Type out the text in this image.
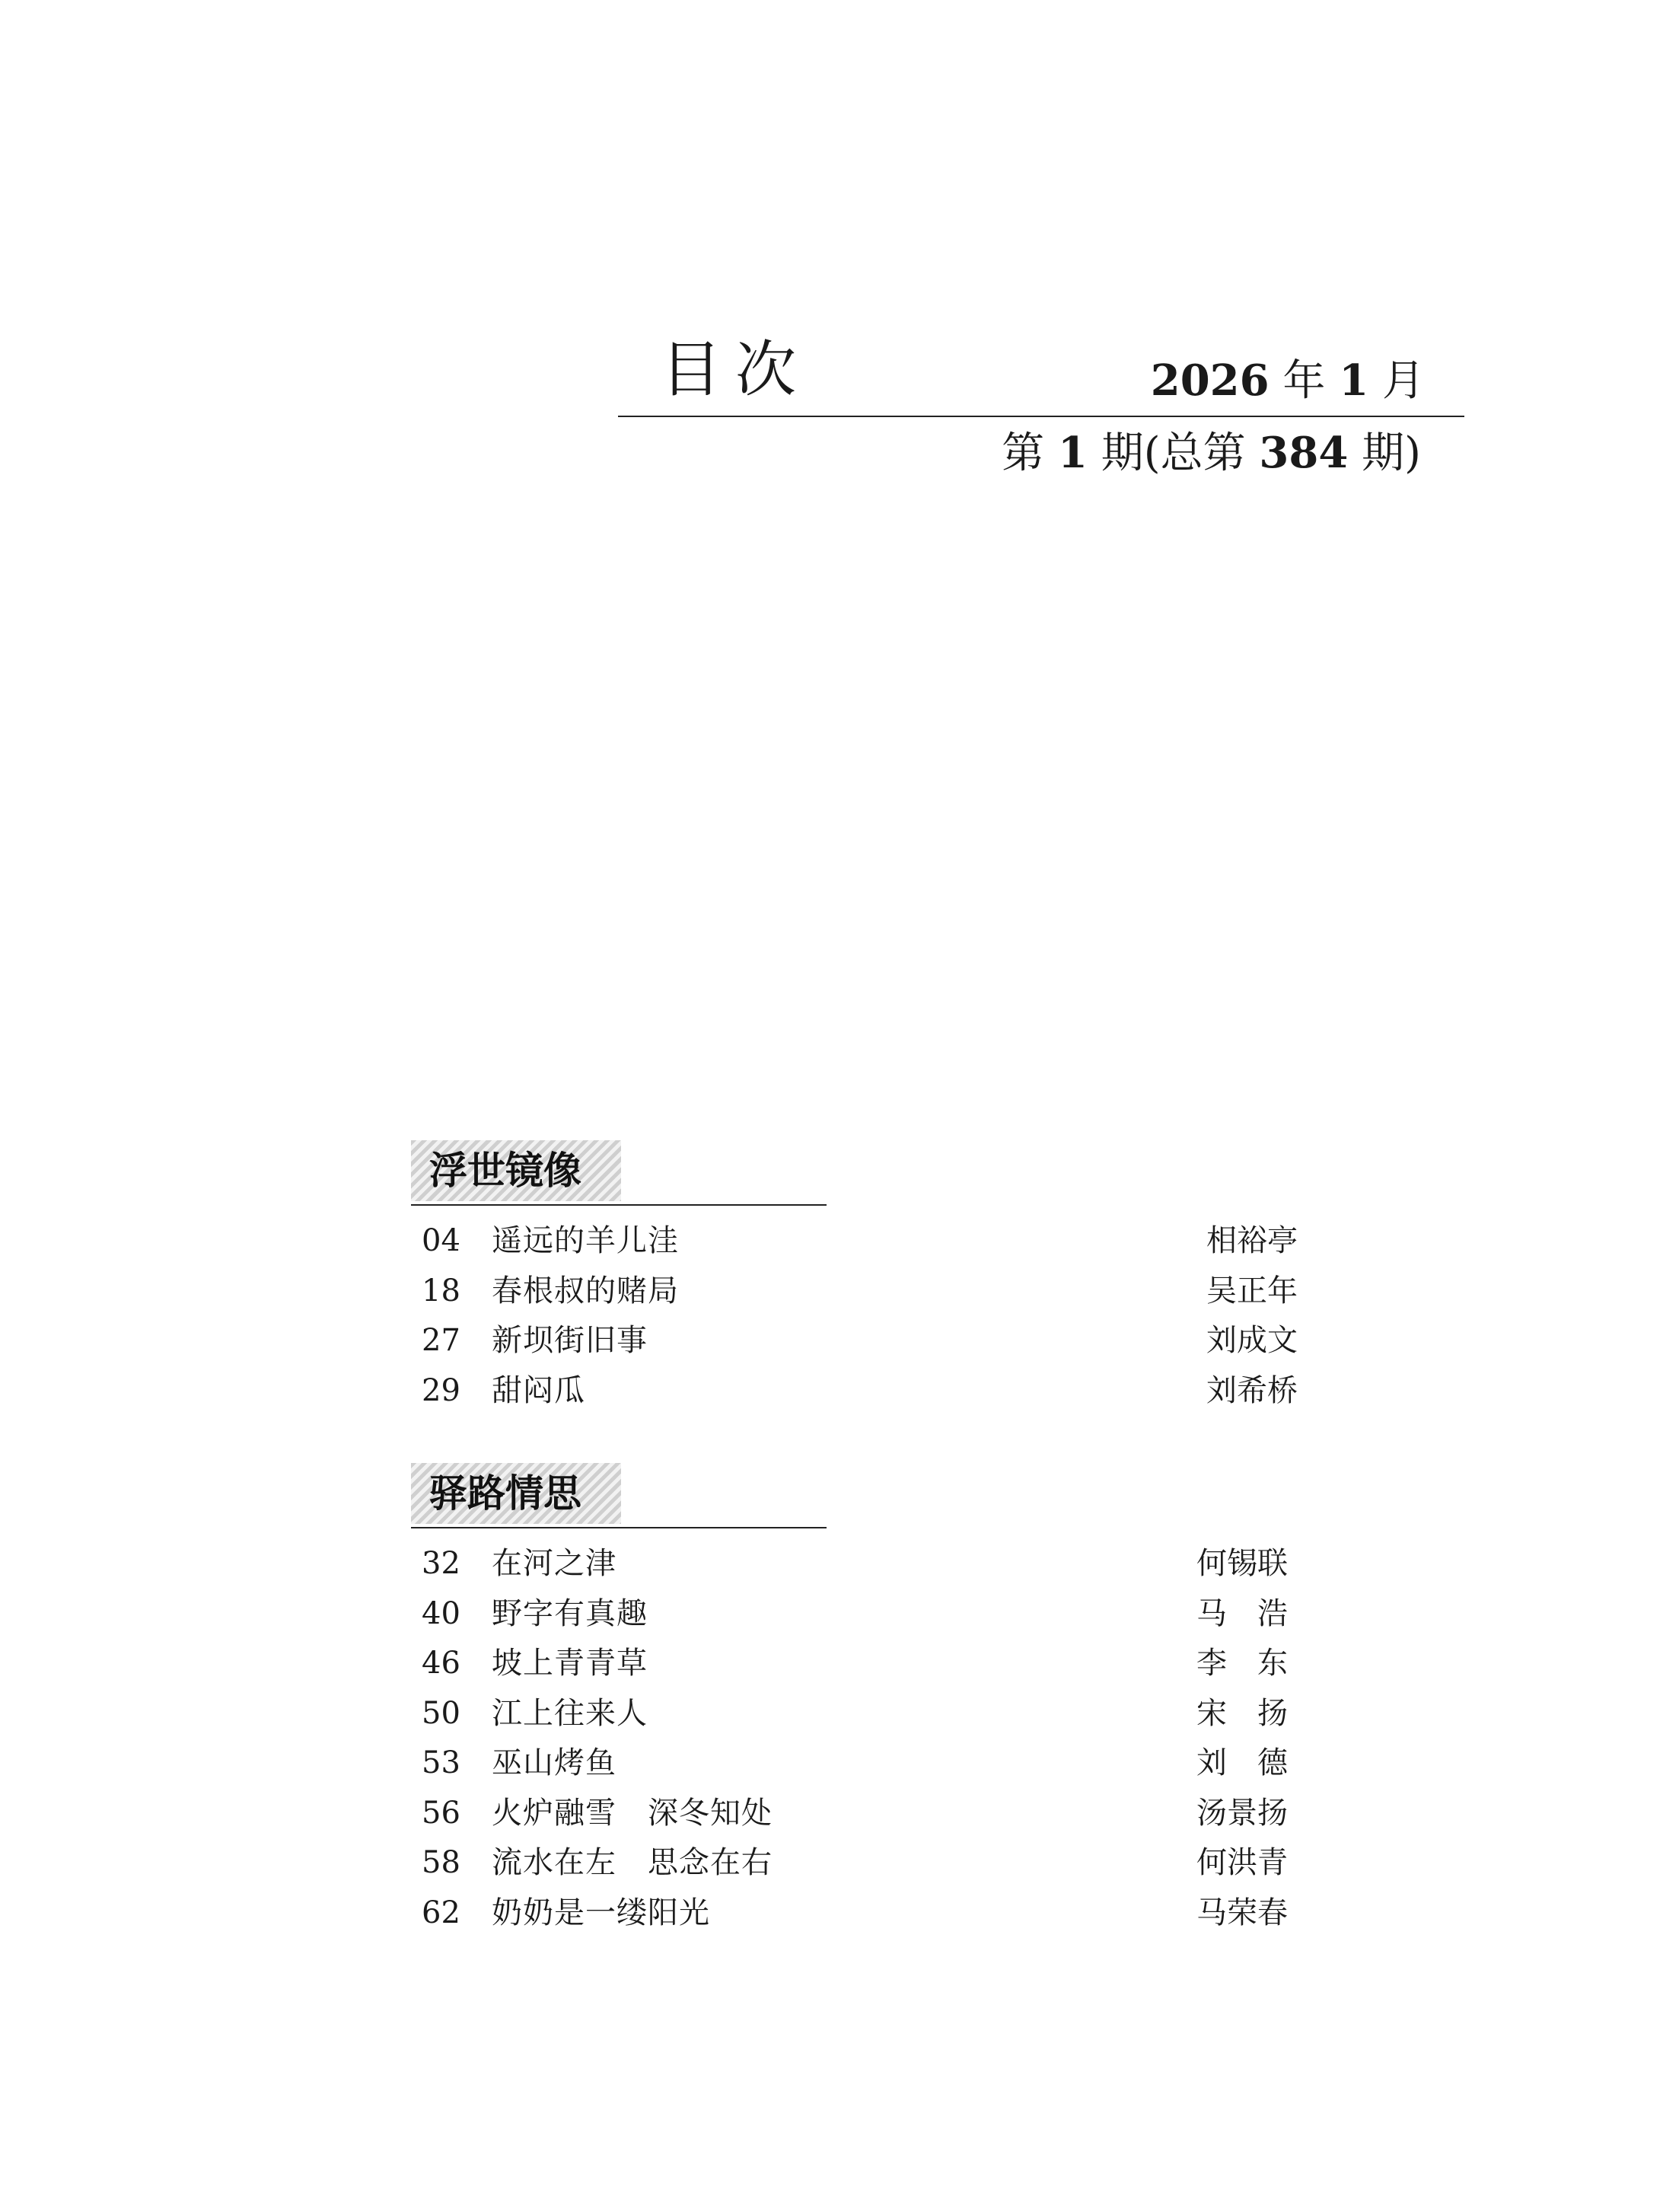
目次	2026 年 1 月
第 1 期(总第 384 期)
浮世镜像
04 遥远的羊儿洼	相裕亭
18 春根叔的赌局	吴正年
27 新坝街旧事	刘成文
29 甜闷瓜	刘希桥
驿路情思
32 在河之津	何锡联
40 野字有真趣	马　浩
46 坡上青青草	李　东
50 江上往来人	宋　扬
53 巫山烤鱼	刘　德
56 火炉融雪　深冬知处	汤景扬
58 流水在左　思念在右	何洪青
62 奶奶是一缕阳光	马荣春
